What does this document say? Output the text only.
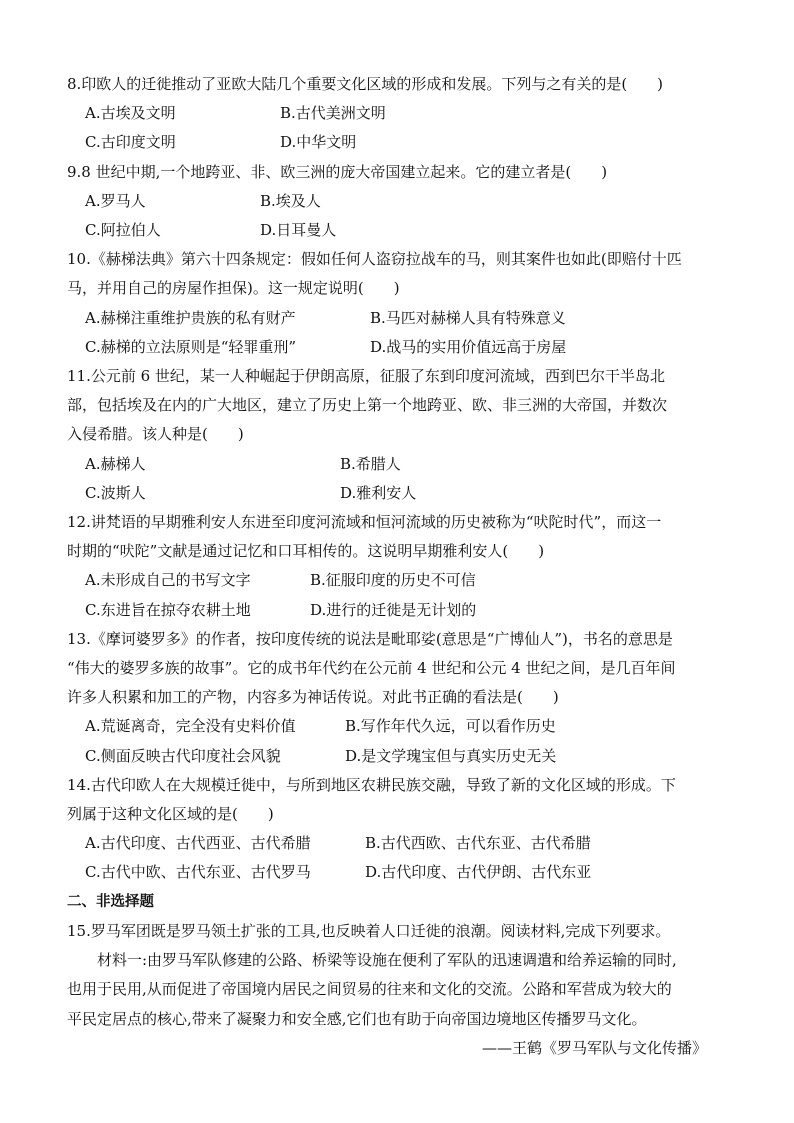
8.印欧人的迁徙推动了亚欧大陆几个重要文化区域的形成和发展。下列与之有关的是(　　)
A.古埃及文明	B.古代美洲文明
C.古印度文明	D.中华文明
9.8 世纪中期,一个地跨亚、非、欧三洲的庞大帝国建立起来。它的建立者是(　　)
A.罗马人	B.埃及人
C.阿拉伯人	D.日耳曼人
10.《赫梯法典》第六十四条规定：假如任何人盗窃拉战车的马，则其案件也如此(即赔付十匹
马，并用自己的房屋作担保)。这一规定说明(　　)
A.赫梯注重维护贵族的私有财产	B.马匹对赫梯人具有特殊意义
C.赫梯的立法原则是“轻罪重刑”	D.战马的实用价值远高于房屋
11.公元前 6 世纪，某一人种崛起于伊朗高原，征服了东到印度河流域，西到巴尔干半岛北
部，包括埃及在内的广大地区，建立了历史上第一个地跨亚、欧、非三洲的大帝国，并数次
入侵希腊。该人种是(　　)
A.赫梯人	B.希腊人
C.波斯人	D.雅利安人
12.讲梵语的早期雅利安人东进至印度河流域和恒河流域的历史被称为“吠陀时代”，而这一
时期的“吠陀”文献是通过记忆和口耳相传的。这说明早期雅利安人(　　)
A.未形成自己的书写文字	B.征服印度的历史不可信
C.东进旨在掠夺农耕土地	D.进行的迁徙是无计划的
13.《摩诃婆罗多》的作者，按印度传统的说法是毗耶娑(意思是“广博仙人”)，书名的意思是
“伟大的婆罗多族的故事”。它的成书年代约在公元前 4 世纪和公元 4 世纪之间，是几百年间
许多人积累和加工的产物，内容多为神话传说。对此书正确的看法是(　　)
A.荒诞离奇，完全没有史料价值	B.写作年代久远，可以看作历史
C.侧面反映古代印度社会风貌	D.是文学瑰宝但与真实历史无关
14.古代印欧人在大规模迁徙中，与所到地区农耕民族交融，导致了新的文化区域的形成。下
列属于这种文化区域的是(　　)
A.古代印度、古代西亚、古代希腊	B.古代西欧、古代东亚、古代希腊
C.古代中欧、古代东亚、古代罗马	D.古代印度、古代伊朗、古代东亚
二、非选择题
15.罗马军团既是罗马领土扩张的工具,也反映着人口迁徙的浪潮。阅读材料,完成下列要求。
材料一:由罗马军队修建的公路、桥梁等设施在便利了军队的迅速调遣和给养运输的同时,
也用于民用,从而促进了帝国境内居民之间贸易的往来和文化的交流。公路和军营成为较大的
平民定居点的核心,带来了凝聚力和安全感,它们也有助于向帝国边境地区传播罗马文化。
——王鹤《罗马军队与文化传播》
